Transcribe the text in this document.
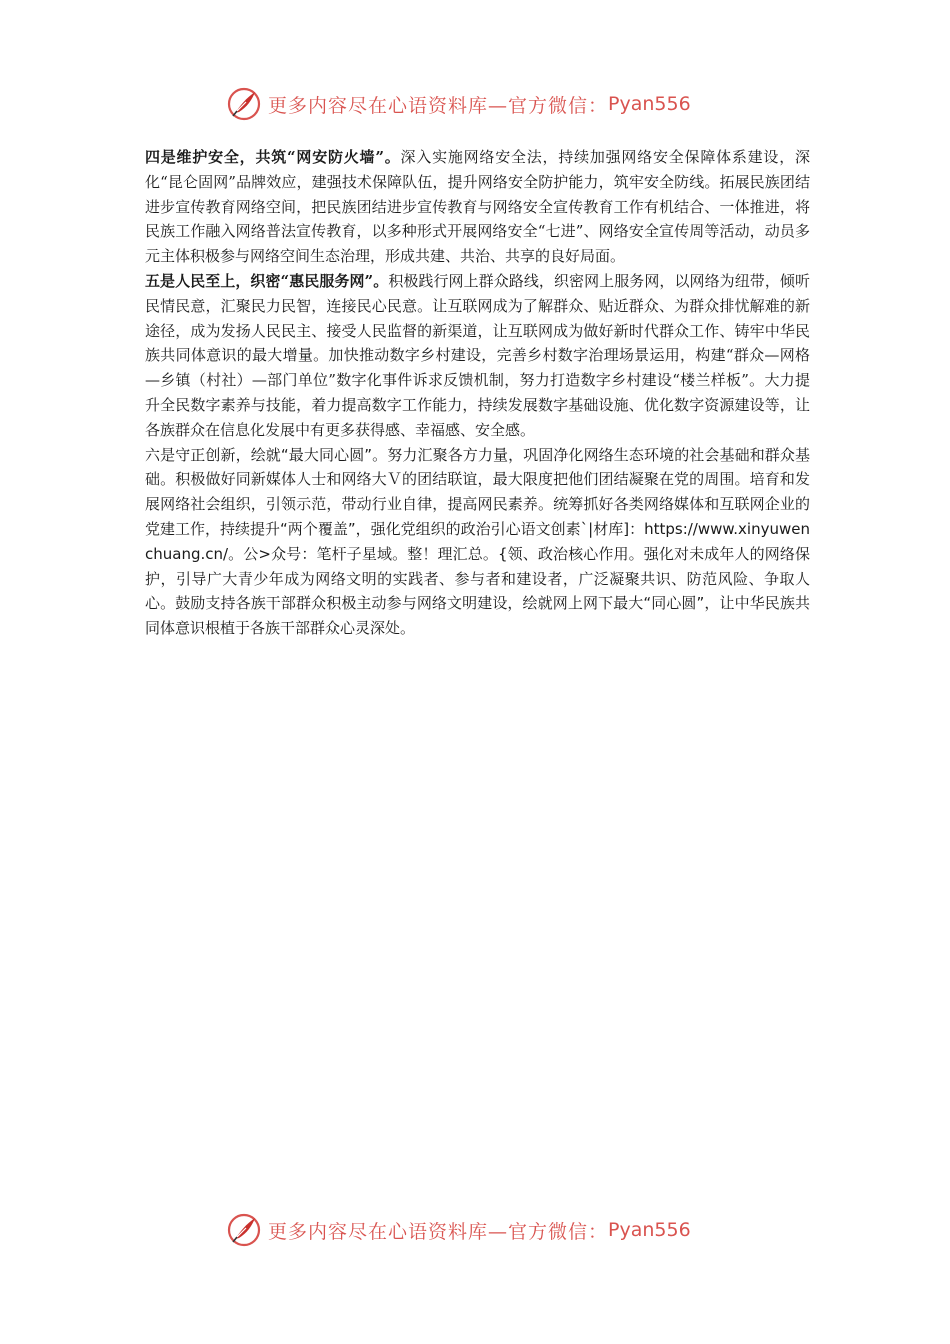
更多内容尽在心语资料库—官方微信： Pyan556

四是维护安全，共筑“网安防火墙”。深入实施网络安全法，持续加强网络安全保障体系建设，深化“昆仑固网”品牌效应，建强技术保障队伍，提升网络安全防护能力，筑牢安全防线。拓展民族团结进步宣传教育网络空间，把民族团结进步宣传教育与网络安全宣传教育工作有机结合、一体推进，将民族工作融入网络普法宣传教育，以多种形式开展网络安全“七进”、网络安全宣传周等活动，动员多元主体积极参与网络空间生态治理，形成共建、共治、共享的良好局面。

五是人民至上，织密“惠民服务网”。积极践行网上群众路线，织密网上服务网，以网络为纽带，倾听民情民意，汇聚民力民智，连接民心民意。让互联网成为了解群众、贴近群众、为群众排忧解难的新途径，成为发扬人民民主、接受人民监督的新渠道，让互联网成为做好新时代群众工作、铸牢中华民族共同体意识的最大增量。加快推动数字乡村建设，完善乡村数字治理场景运用，构建“群众—网格—乡镇（村社）—部门单位”数字化事件诉求反馈机制，努力打造数字乡村建设“楼兰样板”。大力提升全民数字素养与技能，着力提高数字工作能力，持续发展数字基础设施、优化数字资源建设等，让各族群众在信息化发展中有更多获得感、幸福感、安全感。

六是守正创新，绘就“最大同心圆”。努力汇聚各方力量，巩固净化网络生态环境的社会基础和群众基础。积极做好同新媒体人士和网络大Ｖ的团结联谊，最大限度把他们团结凝聚在党的周围。培育和发展网络社会组织，引领示范，带动行业自律，提高网民素养。统筹抓好各类网络媒体和互联网企业的党建工作，持续提升“两个覆盖”，强化党组织的政治引心语文创素`|材库]：https://www.xinyuwenchuang.cn/。公>众号：笔杆子星域。整！理汇总。{领、政治核心作用。强化对未成年人的网络保护，引导广大青少年成为网络文明的实践者、参与者和建设者，广泛凝聚共识、防范风险、争取人心。鼓励支持各族干部群众积极主动参与网络文明建设，绘就网上网下最大“同心圆”，让中华民族共同体意识根植于各族干部群众心灵深处。

更多内容尽在心语资料库—官方微信： Pyan556
